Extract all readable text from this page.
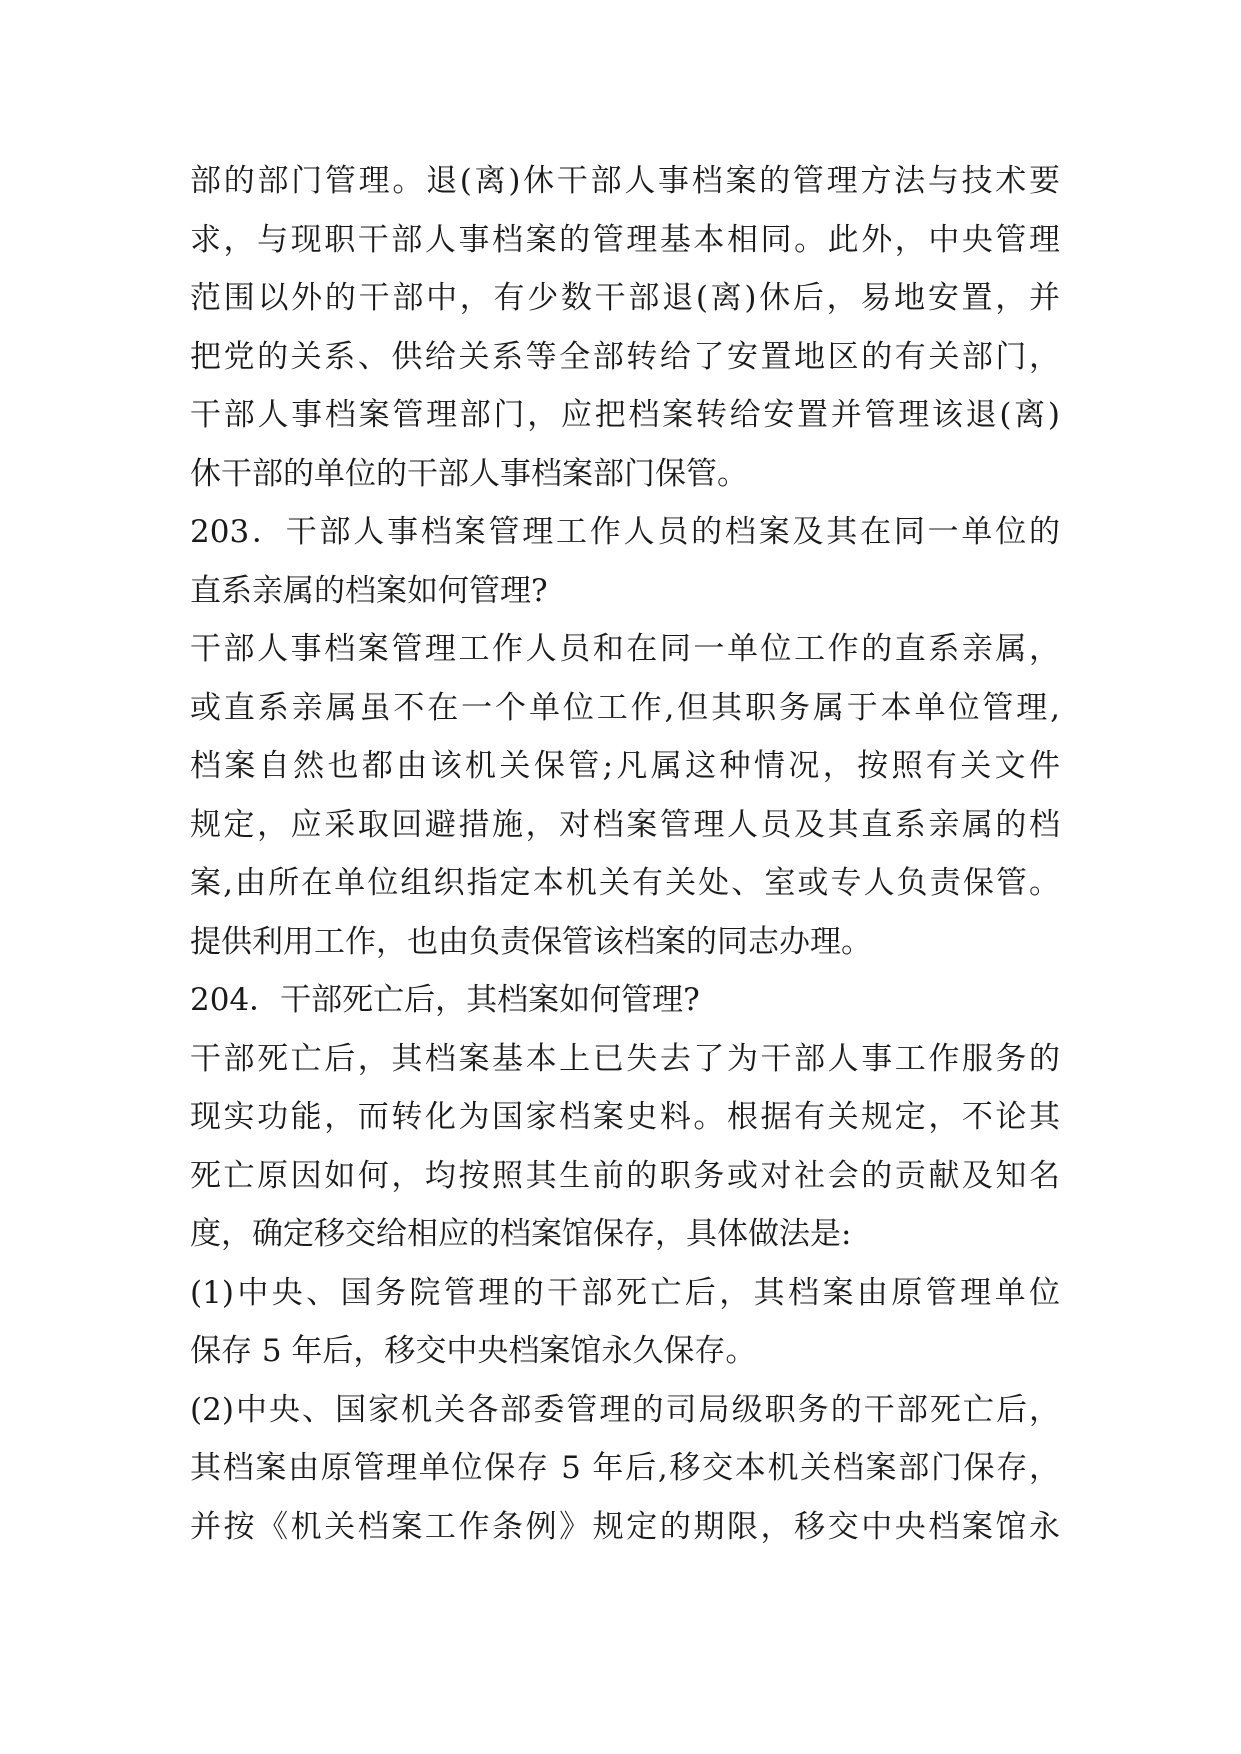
部的部门管理。退(离)休干部人事档案的管理方法与技术要
求，与现职干部人事档案的管理基本相同。此外，中央管理
范围以外的干部中，有少数干部退(离)休后，易地安置，并
把党的关系、供给关系等全部转给了安置地区的有关部门，
干部人事档案管理部门，应把档案转给安置并管理该退(离)
休干部的单位的干部人事档案部门保管。
203．干部人事档案管理工作人员的档案及其在同一单位的
直系亲属的档案如何管理?
干部人事档案管理工作人员和在同一单位工作的直系亲属，
或直系亲属虽不在一个单位工作,但其职务属于本单位管理,
档案自然也都由该机关保管;凡属这种情况，按照有关文件
规定，应采取回避措施，对档案管理人员及其直系亲属的档
案,由所在单位组织指定本机关有关处、室或专人负责保管。
提供利用工作，也由负责保管该档案的同志办理。
204．干部死亡后，其档案如何管理?
干部死亡后，其档案基本上已失去了为干部人事工作服务的
现实功能，而转化为国家档案史料。根据有关规定，不论其
死亡原因如何，均按照其生前的职务或对社会的贡献及知名
度，确定移交给相应的档案馆保存，具体做法是:
(1)中央、国务院管理的干部死亡后，其档案由原管理单位
保存 5 年后，移交中央档案馆永久保存。
(2)中央、国家机关各部委管理的司局级职务的干部死亡后，
其档案由原管理单位保存 5 年后,移交本机关档案部门保存，
并按《机关档案工作条例》规定的期限，移交中央档案馆永
